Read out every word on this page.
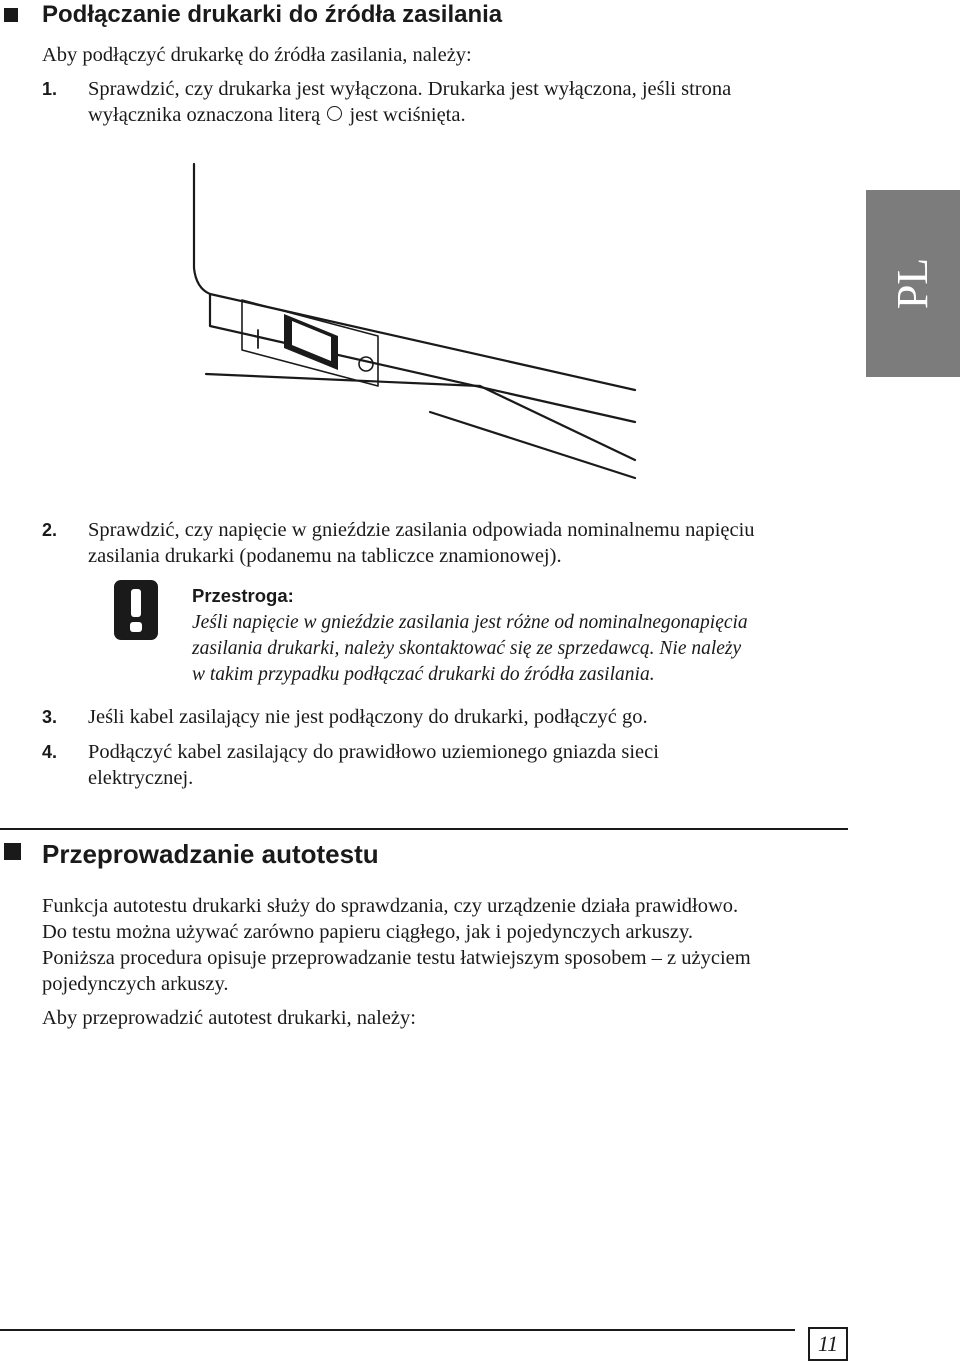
Podłączanie drukarki do źródła zasilania
Aby podłączyć drukarkę do źródła zasilania, należy:
1. Sprawdzić, czy drukarka jest wyłączona. Drukarka jest wyłączona, jeśli strona
wyłącznika oznaczona literą jest wciśnięta.
PL
2. Sprawdzić, czy napięcie w gnieździe zasilania odpowiada nominalnemu napięciu
zasilania drukarki (podanemu na tabliczce znamionowej).
Przestroga:
Jeśli napięcie w gnieździe zasilania jest różne od nominalnegonapięcia
zasilania drukarki, należy skontaktować się ze sprzedawcą. Nie należy
w takim przypadku podłączać drukarki do źródła zasilania.
3. Jeśli kabel zasilający nie jest podłączony do drukarki, podłączyć go.
4. Podłączyć kabel zasilający do prawidłowo uziemionego gniazda sieci
elektrycznej.
Przeprowadzanie autotestu
Funkcja autotestu drukarki służy do sprawdzania, czy urządzenie działa prawidłowo.
Do testu można używać zarówno papieru ciągłego, jak i pojedynczych arkuszy.
Poniższa procedura opisuje przeprowadzanie testu łatwiejszym sposobem – z użyciem
pojedynczych arkuszy.
Aby przeprowadzić autotest drukarki, należy:
11
